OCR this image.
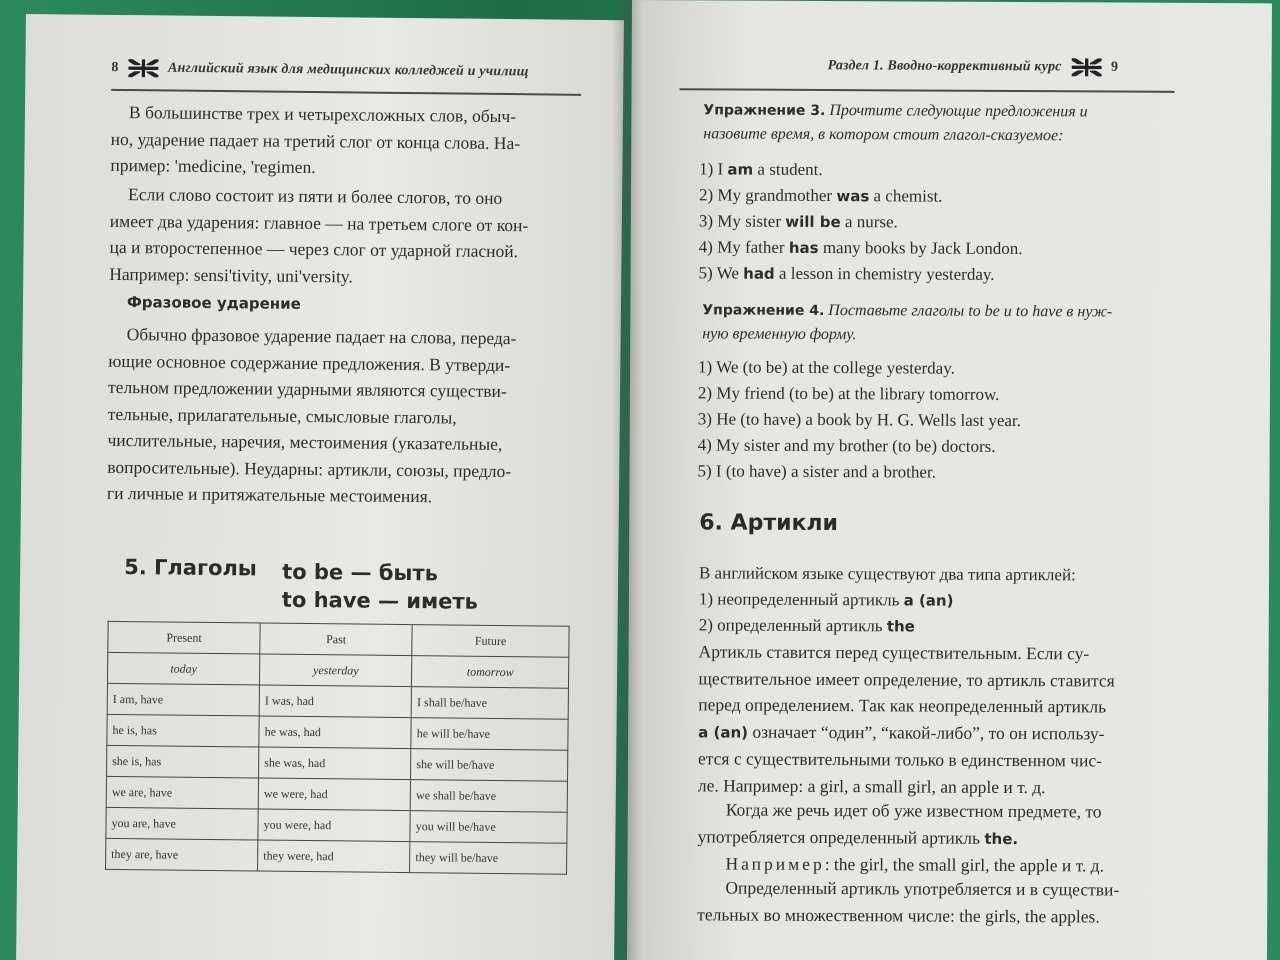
8	Английский язык для медицинских колледжей и училищ
В большинстве трех и четырехсложных слов, обыч-
но, ударение падает на третий слог от конца слова. На-
пример: 'medicine, 'regimen.
Если слово состоит из пяти и более слогов, то оно
имеет два ударения: главное — на третьем слоге от кон-
ца и второстепенное — через слог от ударной гласной.
Например: sensi'tivity, uni'versity.
Фразовое ударение
Обычно фразовое ударение падает на слова, переда-
ющие основное содержание предложения. В утверди-
тельном предложении ударными являются существи-
тельные, прилагательные, смысловые глаголы,
числительные, наречия, местоимения (указательные,
вопросительные). Неударны: артикли, союзы, предло-
ги личные и притяжательные местоимения.
5. Глаголы to be — быть
to have — иметь
Present	Past	Future
today	yesterday	tomorrow
I am, have	I was, had	I shall be/have
he is, has	he was, had	he will be/have
she is, has	she was, had	she will be/have
we are, have	we were, had	we shall be/have
you are, have	you were, had	you will be/have
they are, have	they were, had	they will be/have
Раздел 1. Вводно-коррективный курс	9
Упражнение 3. Прочтите следующие предложения и
назовите время, в котором стоит глагол-сказуемое:
1) I am a student.
2) My grandmother was a chemist.
3) My sister will be a nurse.
4) My father has many books by Jack London.
5) We had a lesson in chemistry yesterday.
Упражнение 4. Поставьте глаголы to be и to have в нуж-
ную временную форму.
1) We (to be) at the college yesterday.
2) My friend (to be) at the library tomorrow.
3) He (to have) a book by H. G. Wells last year.
4) My sister and my brother (to be) doctors.
5) I (to have) a sister and a brother.
6. Артикли
В английском языке существуют два типа артиклей:
1) неопределенный артикль a (an)
2) определенный артикль the
Артикль ставится перед существительным. Если су-
ществительное имеет определение, то артикль ставится
перед определением. Так как неопределенный артикль
a (an) означает “один”, “какой-либо”, то он использу-
ется с существительными только в единственном чис-
ле. Например: a girl, a small girl, an apple и т. д.
Когда же речь идет об уже известном предмете, то
употребляется определенный артикль the.
Например: the girl, the small girl, the apple и т. д.
Определенный артикль употребляется и в существи-
тельных во множественном числе: the girls, the apples.
